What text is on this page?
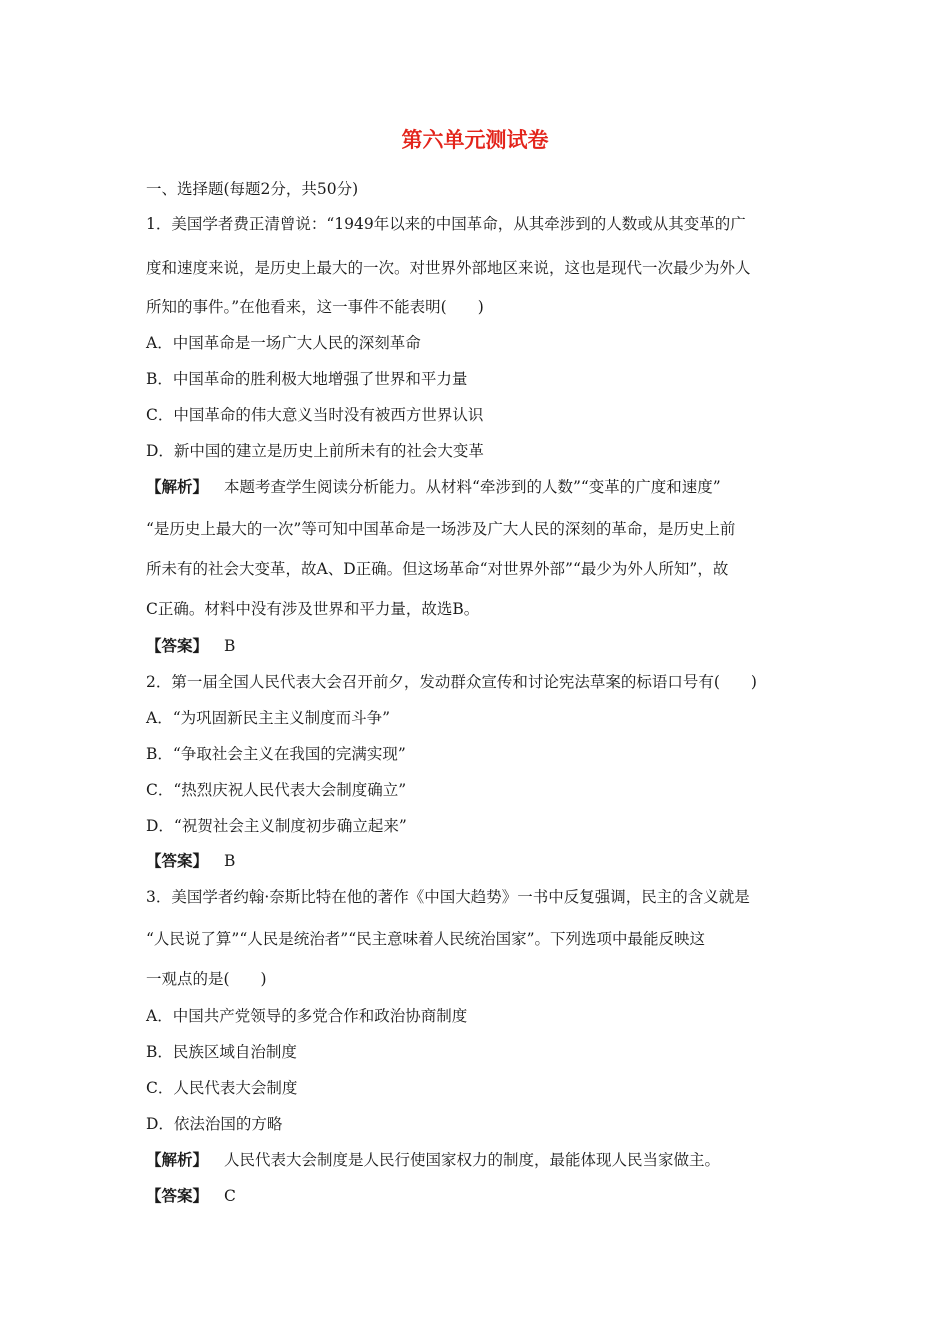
第六单元测试卷
一、选择题(每题2分，共50分)
1．美国学者费正清曾说：“1949年以来的中国革命，从其牵涉到的人数或从其变革的广
度和速度来说，是历史上最大的一次。对世界外部地区来说，这也是现代一次最少为外人
所知的事件。”在他看来，这一事件不能表明(　　)
A．中国革命是一场广大人民的深刻革命
B．中国革命的胜利极大地增强了世界和平力量
C．中国革命的伟大意义当时没有被西方世界认识
D．新中国的建立是历史上前所未有的社会大变革
【解析】 本题考查学生阅读分析能力。从材料“牵涉到的人数”“变革的广度和速度”
“是历史上最大的一次”等可知中国革命是一场涉及广大人民的深刻的革命，是历史上前
所未有的社会大变革，故A、D正确。但这场革命“对世界外部”“最少为外人所知”，故
C正确。材料中没有涉及世界和平力量，故选B。
【答案】 B
2．第一届全国人民代表大会召开前夕，发动群众宣传和讨论宪法草案的标语口号有(　　)
A．“为巩固新民主主义制度而斗争”
B．“争取社会主义在我国的完满实现”
C．“热烈庆祝人民代表大会制度确立”
D．“祝贺社会主义制度初步确立起来”
【答案】 B
3．美国学者约翰·奈斯比特在他的著作《中国大趋势》一书中反复强调，民主的含义就是
“人民说了算”“人民是统治者”“民主意味着人民统治国家”。下列选项中最能反映这
一观点的是(　　)
A．中国共产党领导的多党合作和政治协商制度
B．民族区域自治制度
C．人民代表大会制度
D．依法治国的方略
【解析】 人民代表大会制度是人民行使国家权力的制度，最能体现人民当家做主。
【答案】 C
